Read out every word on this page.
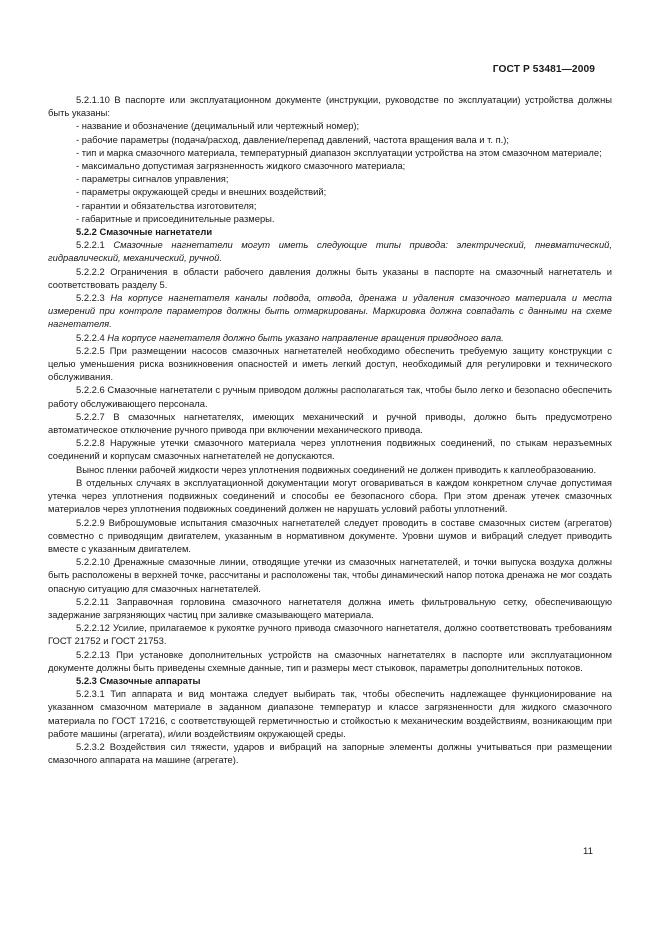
ГОСТ Р 53481—2009

5.2.1.10 В паспорте или эксплуатационном документе (инструкции, руководстве по эксплуатации) устройства должны быть указаны:

- название и обозначение (децимальный или чертежный номер);

- рабочие параметры (подача/расход, давление/перепад давлений, частота вращения вала и т. п.);

- тип и марка смазочного материала, температурный диапазон эксплуатации устройства на этом смазочном материале;

- максимально допустимая загрязненность жидкого смазочного материала;

- параметры сигналов управления;

- параметры окружающей среды и внешних воздействий;

- гарантии и обязательства изготовителя;

- габаритные и присоединительные размеры.

5.2.2 Смазочные нагнетатели

5.2.2.1 Смазочные нагнетатели могут иметь следующие типы привода: электрический, пневматический, гидравлический, механический, ручной.

5.2.2.2 Ограничения в области рабочего давления должны быть указаны в паспорте на смазочный нагнетатель и соответствовать разделу 5.

5.2.2.3 На корпусе нагнетателя каналы подвода, отвода, дренажа и удаления смазочного материала и места измерений при контроле параметров должны быть отмаркированы. Маркировка должна совпадать с данными на схеме нагнетателя.

5.2.2.4 На корпусе нагнетателя должно быть указано направление вращения приводного вала.

5.2.2.5 При размещении насосов смазочных нагнетателей необходимо обеспечить требуемую защиту конструкции с целью уменьшения риска возникновения опасностей и иметь легкий доступ, необходимый для регулировки и технического обслуживания.

5.2.2.6 Смазочные нагнетатели с ручным приводом должны располагаться так, чтобы было легко и безопасно обеспечить работу обслуживающего персонала.

5.2.2.7 В смазочных нагнетателях, имеющих механический и ручной приводы, должно быть предусмотрено автоматическое отключение ручного привода при включении механического привода.

5.2.2.8 Наружные утечки смазочного материала через уплотнения подвижных соединений, по стыкам неразъемных соединений и корпусам смазочных нагнетателей не допускаются.

Вынос пленки рабочей жидкости через уплотнения подвижных соединений не должен приводить к каплеобразованию.

В отдельных случаях в эксплуатационной документации могут оговариваться в каждом конкретном случае допустимая утечка через уплотнения подвижных соединений и способы ее безопасного сбора. При этом дренаж утечек смазочных материалов через уплотнения подвижных соединений должен не нарушать условий работы уплотнений.

5.2.2.9 Виброшумовые испытания смазочных нагнетателей следует проводить в составе смазочных систем (агрегатов) совместно с приводящим двигателем, указанным в нормативном документе. Уровни шумов и вибраций следует приводить вместе с указанным двигателем.

5.2.2.10 Дренажные смазочные линии, отводящие утечки из смазочных нагнетателей, и точки выпуска воздуха должны быть расположены в верхней точке, рассчитаны и расположены так, чтобы динамический напор потока дренажа не мог создать опасную ситуацию для смазочных нагнетателей.

5.2.2.11 Заправочная горловина смазочного нагнетателя должна иметь фильтровальную сетку, обеспечивающую задержание загрязняющих частиц при заливке смазывающего материала.

5.2.2.12 Усилие, прилагаемое к рукоятке ручного привода смазочного нагнетателя, должно соответствовать требованиям ГОСТ 21752 и ГОСТ 21753.

5.2.2.13 При установке дополнительных устройств на смазочных нагнетателях в паспорте или эксплуатационном документе должны быть приведены схемные данные, тип и размеры мест стыковок, параметры дополнительных потоков.

5.2.3 Смазочные аппараты

5.2.3.1 Тип аппарата и вид монтажа следует выбирать так, чтобы обеспечить надлежащее функционирование на указанном смазочном материале в заданном диапазоне температур и классе загрязненности для жидкого смазочного материала по ГОСТ 17216, с соответствующей герметичностью и стойкостью к механическим воздействиям, возникающим при работе машины (агрегата), и/или воздействиям окружающей среды.

5.2.3.2 Воздействия сил тяжести, ударов и вибраций на запорные элементы должны учитываться при размещении смазочного аппарата на машине (агрегате).

11
